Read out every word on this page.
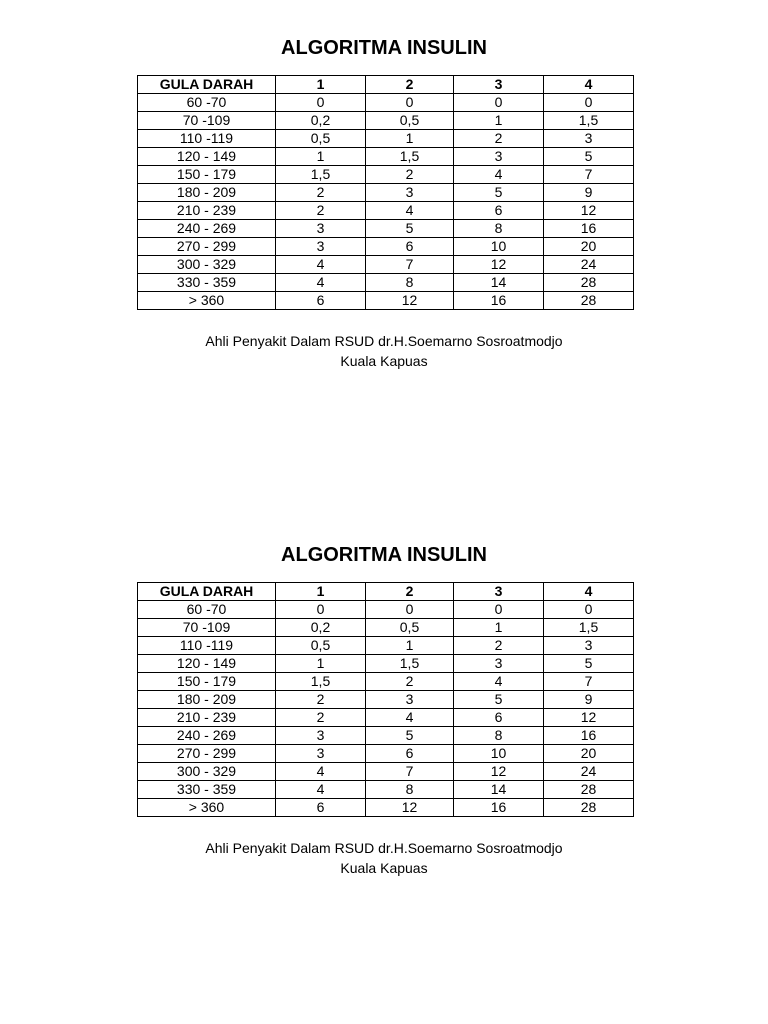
ALGORITMA INSULIN
GULA DARAH	1	2	3	4
60 -70	0	0	0	0
70 -109	0,2	0,5	1	1,5
110 -119	0,5	1	2	3
120 - 149	1	1,5	3	5
150 - 179	1,5	2	4	7
180 - 209	2	3	5	9
210 - 239	2	4	6	12
240 - 269	3	5	8	16
270 - 299	3	6	10	20
300 - 329	4	7	12	24
330 - 359	4	8	14	28
> 360	6	12	16	28
Ahli Penyakit Dalam RSUD dr.H.Soemarno Sosroatmodjo
Kuala Kapuas
ALGORITMA INSULIN
GULA DARAH	1	2	3	4
60 -70	0	0	0	0
70 -109	0,2	0,5	1	1,5
110 -119	0,5	1	2	3
120 - 149	1	1,5	3	5
150 - 179	1,5	2	4	7
180 - 209	2	3	5	9
210 - 239	2	4	6	12
240 - 269	3	5	8	16
270 - 299	3	6	10	20
300 - 329	4	7	12	24
330 - 359	4	8	14	28
> 360	6	12	16	28
Ahli Penyakit Dalam RSUD dr.H.Soemarno Sosroatmodjo
Kuala Kapuas
